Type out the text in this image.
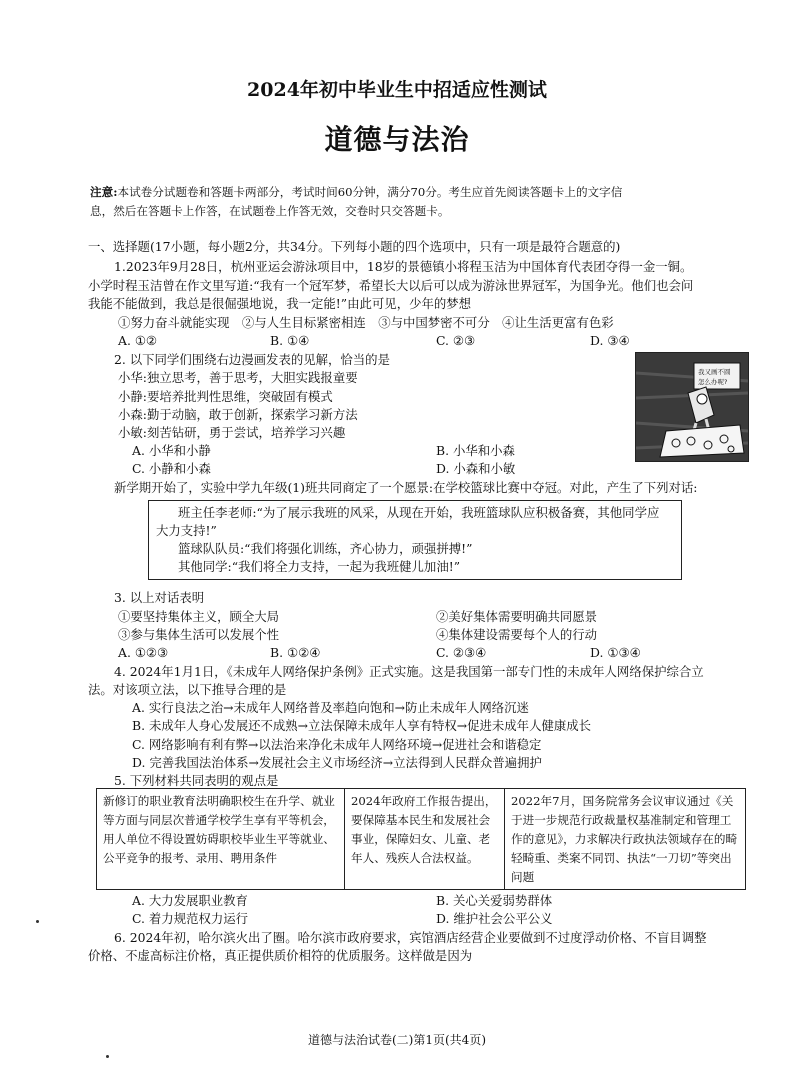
2024年初中毕业生中招适应性测试
道德与法治
注意:本试卷分试题卷和答题卡两部分，考试时间60分钟，满分70分。考生应首先阅读答题卡上的文字信
息，然后在答题卡上作答，在试题卷上作答无效，交卷时只交答题卡。
一、选择题(17小题，每小题2分，共34分。下列每小题的四个选项中，只有一项是最符合题意的)
1.2023年9月28日，杭州亚运会游泳项目中，18岁的景德镇小将程玉洁为中国体育代表团夺得一金一铜。
小学时程玉洁曾在作文里写道:“我有一个冠军梦，希望长大以后可以成为游泳世界冠军，为国争光。他们也会问
我能不能做到，我总是很倔强地说，我一定能!”由此可见，少年的梦想
①努力奋斗就能实现　②与人生目标紧密相连　③与中国梦密不可分　④让生活更富有色彩
A. ①②	B. ①④	C. ②③	D. ③④
2. 以下同学们围绕右边漫画发表的见解，恰当的是
小华:独立思考，善于思考，大胆实践报童要
小静:要培养批判性思维，突破固有模式
小森:勤于动脑，敢于创新，探索学习新方法
小敏:刻苦钻研，勇于尝试，培养学习兴趣
A. 小华和小静	B. 小华和小森
C. 小静和小森	D. 小森和小敏
我又画不圆
怎么办呢?
新学期开始了，实验中学九年级(1)班共同商定了一个愿景:在学校篮球比赛中夺冠。对此，产生了下列对话:
班主任李老师:“为了展示我班的风采，从现在开始，我班篮球队应积极备赛，其他同学应
大力支持!”
篮球队队员:“我们将强化训练，齐心协力，顽强拼搏!”
其他同学:“我们将全力支持，一起为我班健儿加油!”
3. 以上对话表明
①要坚持集体主义，顾全大局	②美好集体需要明确共同愿景
③参与集体生活可以发展个性	④集体建设需要每个人的行动
A. ①②③	B. ①②④	C. ②③④	D. ①③④
4. 2024年1月1日，《未成年人网络保护条例》正式实施。这是我国第一部专门性的未成年人网络保护综合立
法。对该项立法，以下推导合理的是
A. 实行良法之治→未成年人网络普及率趋向饱和→防止未成年人网络沉迷
B. 未成年人身心发展还不成熟→立法保障未成年人享有特权→促进未成年人健康成长
C. 网络影响有利有弊→以法治来净化未成年人网络环境→促进社会和谐稳定
D. 完善我国法治体系→发展社会主义市场经济→立法得到人民群众普遍拥护
5. 下列材料共同表明的观点是
新修订的职业教育法明确职校生在升学、就业等方面与同层次普通学校学生享有平等机会，用人单位不得设置妨碍职校毕业生平等就业、公平竞争的报考、录用、聘用条件	2024年政府工作报告提出，要保障基本民生和发展社会事业，保障妇女、儿童、老年人、残疾人合法权益。	2022年7月，国务院常务会议审议通过《关于进一步规范行政裁量权基准制定和管理工作的意见》，力求解决行政执法领域存在的畸轻畸重、类案不同罚、执法“一刀切”等突出问题
A. 大力发展职业教育	B. 关心关爱弱势群体
C. 着力规范权力运行	D. 维护社会公平公义
6. 2024年初，哈尔滨火出了圈。哈尔滨市政府要求，宾馆酒店经营企业要做到不过度浮动价格、不盲目调整
价格、不虚高标注价格，真正提供质价相符的优质服务。这样做是因为
道德与法治试卷(二)第1页(共4页)
